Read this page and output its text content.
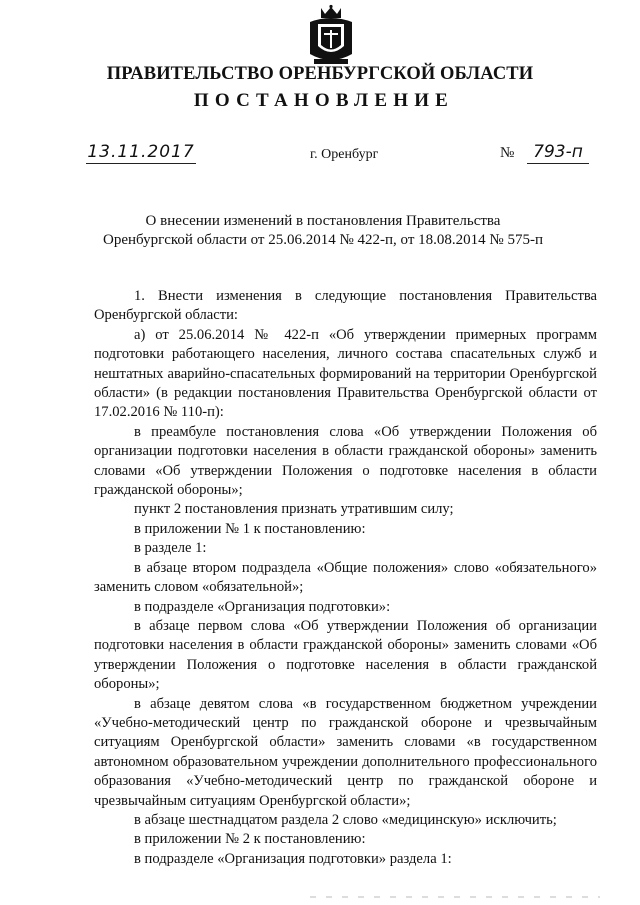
ПРАВИТЕЛЬСТВО ОРЕНБУРГСКОЙ ОБЛАСТИ
ПОСТАНОВЛЕНИЕ
13.11.2017	г. Оренбург	№	793-п
О внесении изменений в постановления Правительства
Оренбургской области от 25.06.2014 № 422-п, от 18.08.2014 № 575-п

1. Внести изменения в следующие постановления Правительства Оренбургской области:

а) от 25.06.2014 № 422-п «Об утверждении примерных программ подготовки работающего населения, личного состава спасательных служб и нештатных аварийно-спасательных формирований на территории Оренбургской области» (в редакции постановления Правительства Оренбургской области от 17.02.2016 № 110-п):

в преамбуле постановления слова «Об утверждении Положения об организации подготовки населения в области гражданской обороны» заменить словами «Об утверждении Положения о подготовке населения в области гражданской обороны»;

пункт 2 постановления признать утратившим силу;

в приложении № 1 к постановлению:

в разделе 1:

в абзаце втором подраздела «Общие положения» слово «обязательного» заменить словом «обязательной»;

в подразделе «Организация подготовки»:

в абзаце первом слова «Об утверждении Положения об организации подготовки населения в области гражданской обороны» заменить словами «Об утверждении Положения о подготовке населения в области гражданской обороны»;

в абзаце девятом слова «в государственном бюджетном учреждении «Учебно-методический центр по гражданской обороне и чрезвычайным ситуациям Оренбургской области» заменить словами «в государственном автономном образовательном учреждении дополнительного профессионального образования «Учебно-методический центр по гражданской обороне и чрезвычайным ситуациям Оренбургской области»;

в абзаце шестнадцатом раздела 2 слово «медицинскую» исключить;

в приложении № 2 к постановлению:

в подразделе «Организация подготовки» раздела 1:
